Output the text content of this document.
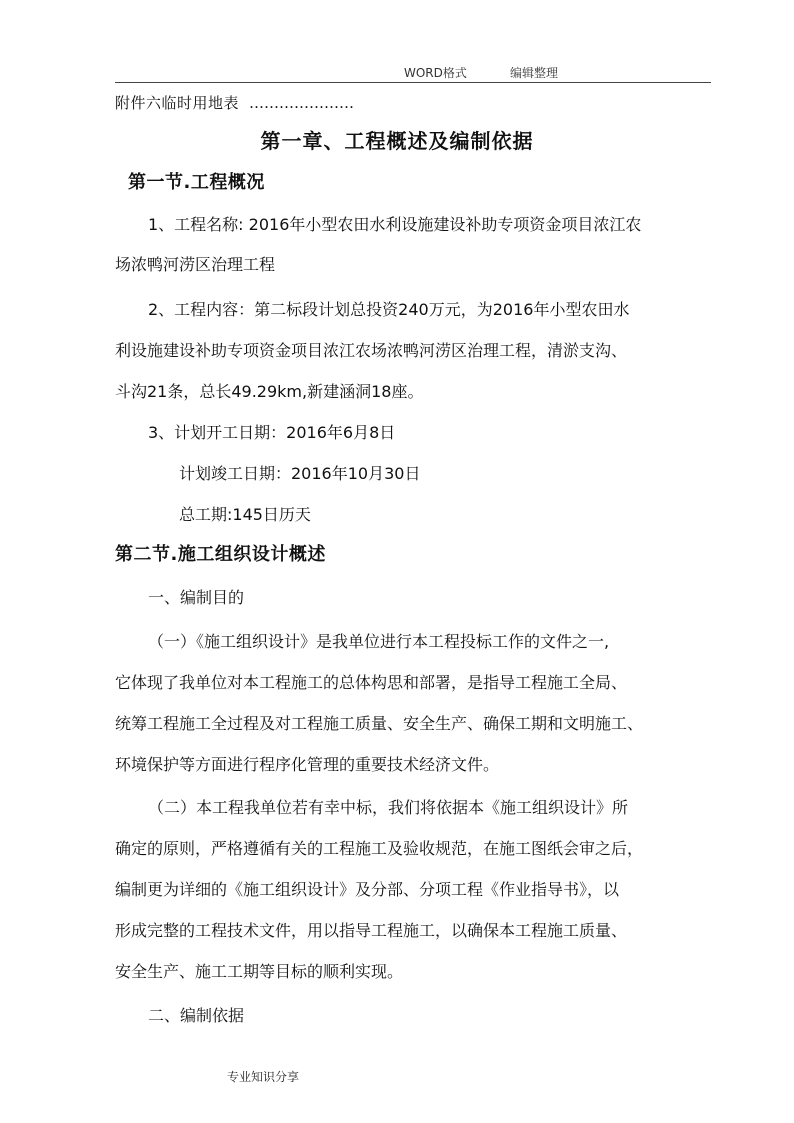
WORD格式	编辑整理
附件六临时用地表 …………………
第一章、工程概述及编制依据
第一节.工程概况
1、工程名称: 2016年小型农田水利设施建设补助专项资金项目浓江农
场浓鸭河涝区治理工程
2、工程内容：第二标段计划总投资240万元，为2016年小型农田水
利设施建设补助专项资金项目浓江农场浓鸭河涝区治理工程，清淤支沟、
斗沟21条，总长49.29km,新建涵洞18座。
3、计划开工日期：2016年6月8日
计划竣工日期：2016年10月30日
总工期:145日历天
第二节.施工组织设计概述
一、编制目的
（一）《施工组织设计》是我单位进行本工程投标工作的文件之一,
它体现了我单位对本工程施工的总体构思和部署，是指导工程施工全局、
统筹工程施工全过程及对工程施工质量、安全生产、确保工期和文明施工、
环境保护等方面进行程序化管理的重要技术经济文件。
（二）本工程我单位若有幸中标，我们将依据本《施工组织设计》所
确定的原则，严格遵循有关的工程施工及验收规范，在施工图纸会审之后，
编制更为详细的《施工组织设计》及分部、分项工程《作业指导书》，以
形成完整的工程技术文件，用以指导工程施工，以确保本工程施工质量、
安全生产、施工工期等目标的顺利实现。
二、编制依据
专业知识分享
